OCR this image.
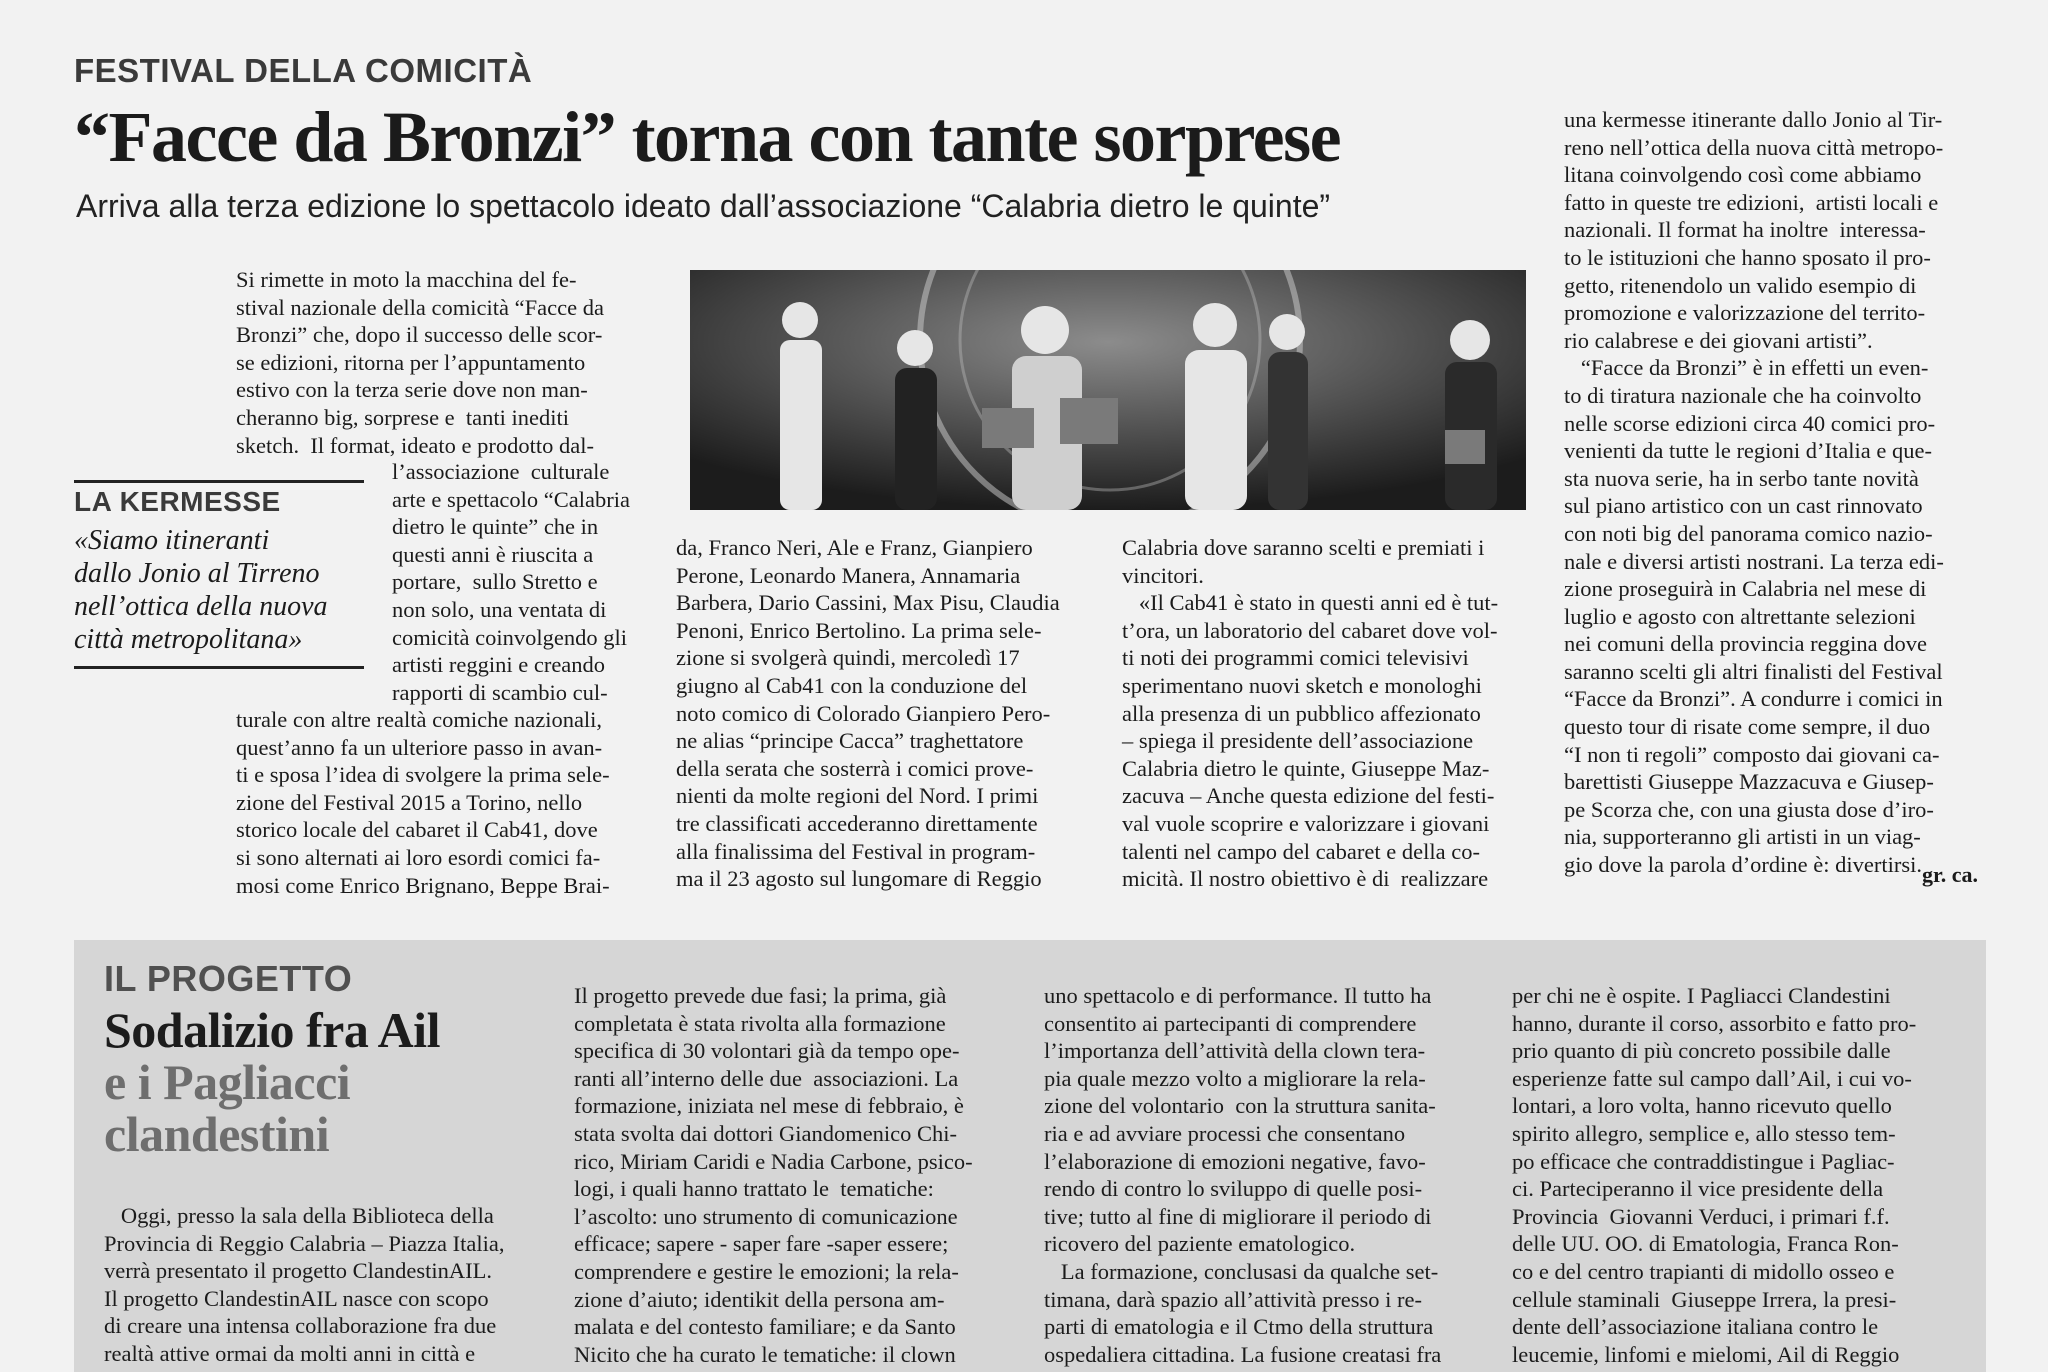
FESTIVAL DELLA COMICITÀ
“Facce da Bronzi” torna con tante sorprese
Arriva alla terza edizione lo spettacolo ideato dall’associazione “Calabria dietro le quinte”
Si rimette in moto la macchina del fe-
stival nazionale della comicità “Facce da
Bronzi” che, dopo il successo delle scor-
se edizioni, ritorna per l’appuntamento
estivo con la terza serie dove non man-
cheranno big, sorprese e  tanti inediti
sketch.  Il format, ideato e prodotto dal-
l’associazione  culturale
arte e spettacolo “Calabria
dietro le quinte” che in
questi anni è riuscita a
portare,  sullo Stretto e
non solo, una ventata di
comicità coinvolgendo gli
artisti reggini e creando
rapporti di scambio cul-
turale con altre realtà comiche nazionali,
quest’anno fa un ulteriore passo in avan-
ti e sposa l’idea di svolgere la prima sele-
zione del Festival 2015 a Torino, nello
storico locale del cabaret il Cab41, dove
si sono alternati ai loro esordi comici fa-
mosi come Enrico Brignano, Beppe Brai-
LA KERMESSE
«Siamo itineranti
dallo Jonio al Tirreno
nell’ottica della nuova
città metropolitana»
da, Franco Neri, Ale e Franz, Gianpiero
Perone, Leonardo Manera, Annamaria
Barbera, Dario Cassini, Max Pisu, Claudia
Penoni, Enrico Bertolino. La prima sele-
zione si svolgerà quindi, mercoledì 17
giugno al Cab41 con la conduzione del
noto comico di Colorado Gianpiero Pero-
ne alias “principe Cacca” traghettatore
della serata che sosterrà i comici prove-
nienti da molte regioni del Nord. I primi
tre classificati accederanno direttamente
alla finalissima del Festival in program-
ma il 23 agosto sul lungomare di Reggio
Calabria dove saranno scelti e premiati i
vincitori.
«Il Cab41 è stato in questi anni ed è tut-
t’ora, un laboratorio del cabaret dove vol-
ti noti dei programmi comici televisivi
sperimentano nuovi sketch e monologhi
alla presenza di un pubblico affezionato
– spiega il presidente dell’associazione
Calabria dietro le quinte, Giuseppe Maz-
zacuva – Anche questa edizione del festi-
val vuole scoprire e valorizzare i giovani
talenti nel campo del cabaret e della co-
micità. Il nostro obiettivo è di  realizzare
una kermesse itinerante dallo Jonio al Tir-
reno nell’ottica della nuova città metropo-
litana coinvolgendo così come abbiamo
fatto in queste tre edizioni,  artisti locali e
nazionali. Il format ha inoltre  interessa-
to le istituzioni che hanno sposato il pro-
getto, ritenendolo un valido esempio di
promozione e valorizzazione del territo-
rio calabrese e dei giovani artisti”.
“Facce da Bronzi” è in effetti un even-
to di tiratura nazionale che ha coinvolto
nelle scorse edizioni circa 40 comici pro-
venienti da tutte le regioni d’Italia e que-
sta nuova serie, ha in serbo tante novità
sul piano artistico con un cast rinnovato
con noti big del panorama comico nazio-
nale e diversi artisti nostrani. La terza edi-
zione proseguirà in Calabria nel mese di
luglio e agosto con altrettante selezioni
nei comuni della provincia reggina dove
saranno scelti gli altri finalisti del Festival
“Facce da Bronzi”. A condurre i comici in
questo tour di risate come sempre, il duo
“I non ti regoli” composto dai giovani ca-
barettisti Giuseppe Mazzacuva e Giusep-
pe Scorza che, con una giusta dose d’iro-
nia, supporteranno gli artisti in un viag-
gio dove la parola d’ordine è: divertirsi. gr. ca.
IL PROGETTO
Sodalizio fra Ail
e i Pagliacci
clandestini
Oggi, presso la sala della Biblioteca della
Provincia di Reggio Calabria – Piazza Italia,
verrà presentato il progetto ClandestinAIL.
Il progetto ClandestinAIL nasce con scopo
di creare una intensa collaborazione fra due
realtà attive ormai da molti anni in città e
Il progetto prevede due fasi; la prima, già
completata è stata rivolta alla formazione
specifica di 30 volontari già da tempo ope-
ranti all’interno delle due  associazioni. La
formazione, iniziata nel mese di febbraio, è
stata svolta dai dottori Giandomenico Chi-
rico, Miriam Caridi e Nadia Carbone, psico-
logi, i quali hanno trattato le  tematiche:
l’ascolto: uno strumento di comunicazione
efficace; sapere - saper fare -saper essere;
comprendere e gestire le emozioni; la rela-
zione d’aiuto; identikit della persona am-
malata e del contesto familiare; e da Santo
Nicito che ha curato le tematiche: il clown
uno spettacolo e di performance. Il tutto ha
consentito ai partecipanti di comprendere
l’importanza dell’attività della clown tera-
pia quale mezzo volto a migliorare la rela-
zione del volontario  con la struttura sanita-
ria e ad avviare processi che consentano
l’elaborazione di emozioni negative, favo-
rendo di contro lo sviluppo di quelle posi-
tive; tutto al fine di migliorare il periodo di
ricovero del paziente ematologico.
La formazione, conclusasi da qualche set-
timana, darà spazio all’attività presso i re-
parti di ematologia e il Ctmo della struttura
ospedaliera cittadina. La fusione creatasi fra
per chi ne è ospite. I Pagliacci Clandestini
hanno, durante il corso, assorbito e fatto pro-
prio quanto di più concreto possibile dalle
esperienze fatte sul campo dall’Ail, i cui vo-
lontari, a loro volta, hanno ricevuto quello
spirito allegro, semplice e, allo stesso tem-
po efficace che contraddistingue i Pagliac-
ci. Parteciperanno il vice presidente della
Provincia  Giovanni Verduci, i primari f.f.
delle UU. OO. di Ematologia, Franca Ron-
co e del centro trapianti di midollo osseo e
cellule staminali  Giuseppe Irrera, la presi-
dente dell’associazione italiana contro le
leucemie, linfomi e mielomi, Ail di Reggio
